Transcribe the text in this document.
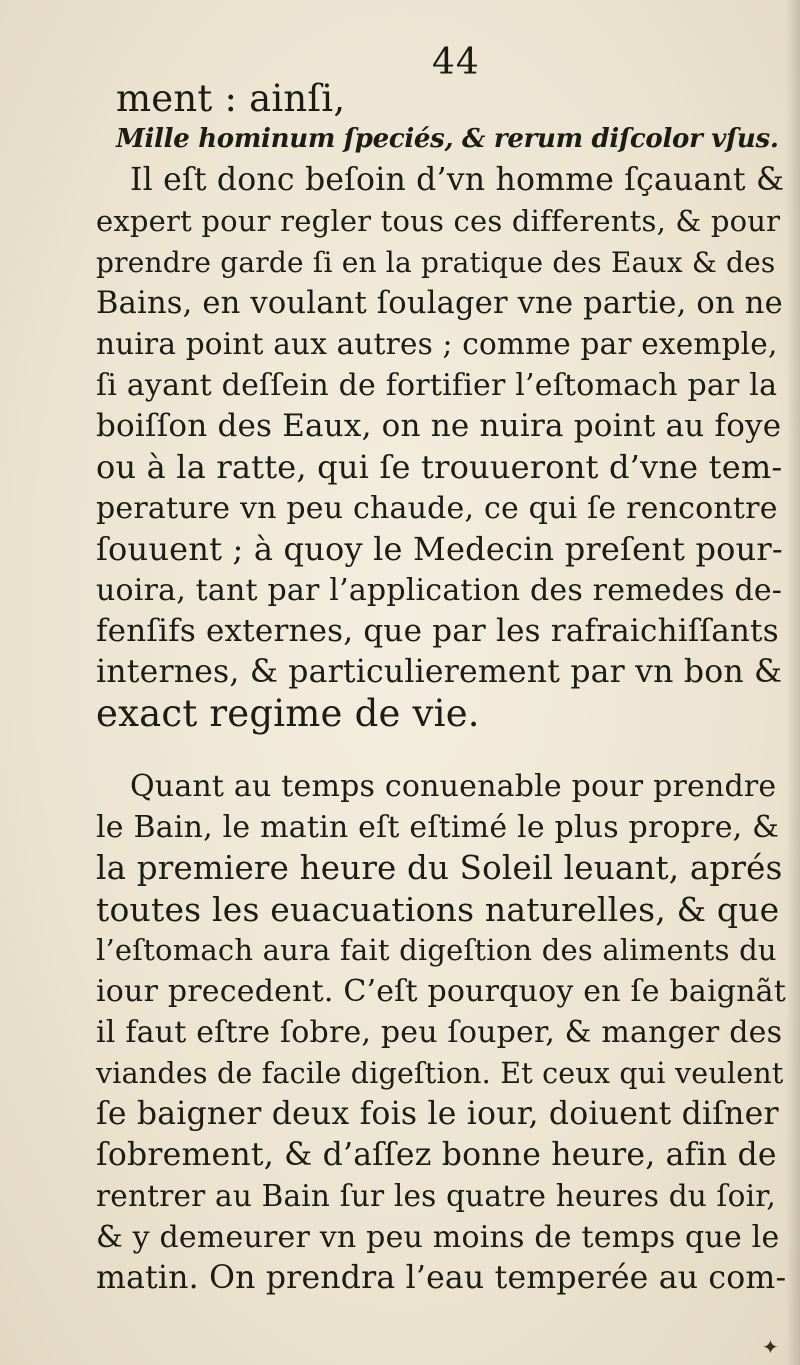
44
ment : ainſi,
Mille hominum ſpeciés, & rerum diſcolor vſus.
Il eſt donc beſoin d’vn homme ſçauant &
expert pour regler tous ces differents, & pour
prendre garde ſi en la pratique des Eaux & des
Bains, en voulant ſoulager vne partie, on ne
nuira point aux autres ; comme par exemple,
ſi ayant deſſein de fortifier l’eſtomach par la
boiſſon des Eaux, on ne nuira point au foye
ou à la ratte, qui ſe trouueront d’vne tem-
perature vn peu chaude, ce qui ſe rencontre
ſouuent ; à quoy le Medecin preſent pour-
uoira, tant par l’application des remedes de-
fenſifs externes, que par les rafraichiſſants
internes, & particulierement par vn bon &
exact regime de vie.
Quant au temps conuenable pour prendre
le Bain, le matin eſt eſtimé le plus propre, &
la premiere heure du Soleil leuant, aprés
toutes les euacuations naturelles, & que
l’eſtomach aura fait digeſtion des aliments du
iour precedent. C’eſt pourquoy en ſe baignãt
il faut eſtre ſobre, peu ſouper, & manger des
viandes de facile digeſtion. Et ceux qui veulent
ſe baigner deux fois le iour, doiuent diſner
ſobrement, & d’aſſez bonne heure, afin de
rentrer au Bain ſur les quatre heures du ſoir,
& y demeurer vn peu moins de temps que le
matin. On prendra l’eau temperée au com-
✦
